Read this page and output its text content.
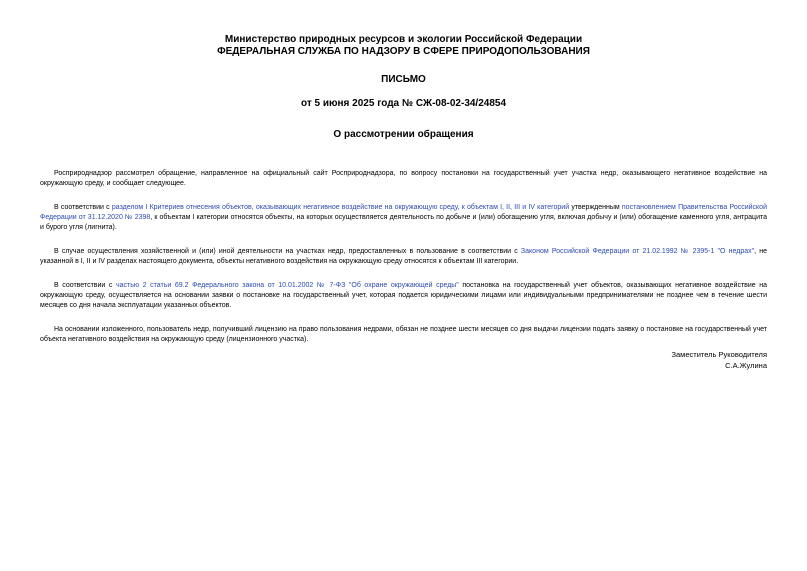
Министерство природных ресурсов и экологии Российской Федерации
ФЕДЕРАЛЬНАЯ СЛУЖБА ПО НАДЗОРУ В СФЕРЕ ПРИРОДОПОЛЬЗОВАНИЯ
ПИСЬМО
от 5 июня 2025 года № СЖ-08-02-34/24854
О рассмотрении обращения

Росприроднадзор рассмотрел обращение, направленное на официальный сайт Росприроднадзора, по вопросу постановки на государственный учет участка недр, оказывающего негативное воздействие на окружающую среду, и сообщает следующее.

В соответствии с разделом I Критериев отнесения объектов, оказывающих негативное воздействие на окружающую среду, к объектам I, II, III и IV категорий утвержденным постановлением Правительства Российской Федерации от 31.12.2020 № 2398, к объектам I категории относятся объекты, на которых осуществляется деятельность по добыче и (или) обогащению угля, включая добычу и (или) обогащение каменного угля, антрацита и бурого угля (лигнита).

В случае осуществления хозяйственной и (или) иной деятельности на участках недр, предоставленных в пользование в соответствии с Законом Российской Федерации от 21.02.1992 № 2395-1 "О недрах", не указанной в I, II и IV разделах настоящего документа, объекты негативного воздействия на окружающую среду относятся к объектам III категории.

В соответствии с частью 2 статьи 69.2 Федерального закона от 10.01.2002 № 7-ФЗ "Об охране окружающей среды" постановка на государственный учет объектов, оказывающих негативное воздействие на окружающую среду, осуществляется на основании заявки о постановке на государственный учет, которая подается юридическими лицами или индивидуальными предпринимателями не позднее чем в течение шести месяцев со дня начала эксплуатации указанных объектов.

На основании изложенного, пользователь недр, получивший лицензию на право пользования недрами, обязан не позднее шести месяцев со дня выдачи лицензии подать заявку о постановке на государственный учет объекта негативного воздействия на окружающую среду (лицензионного участка).

Заместитель Руководителя
С.А.Жулина
